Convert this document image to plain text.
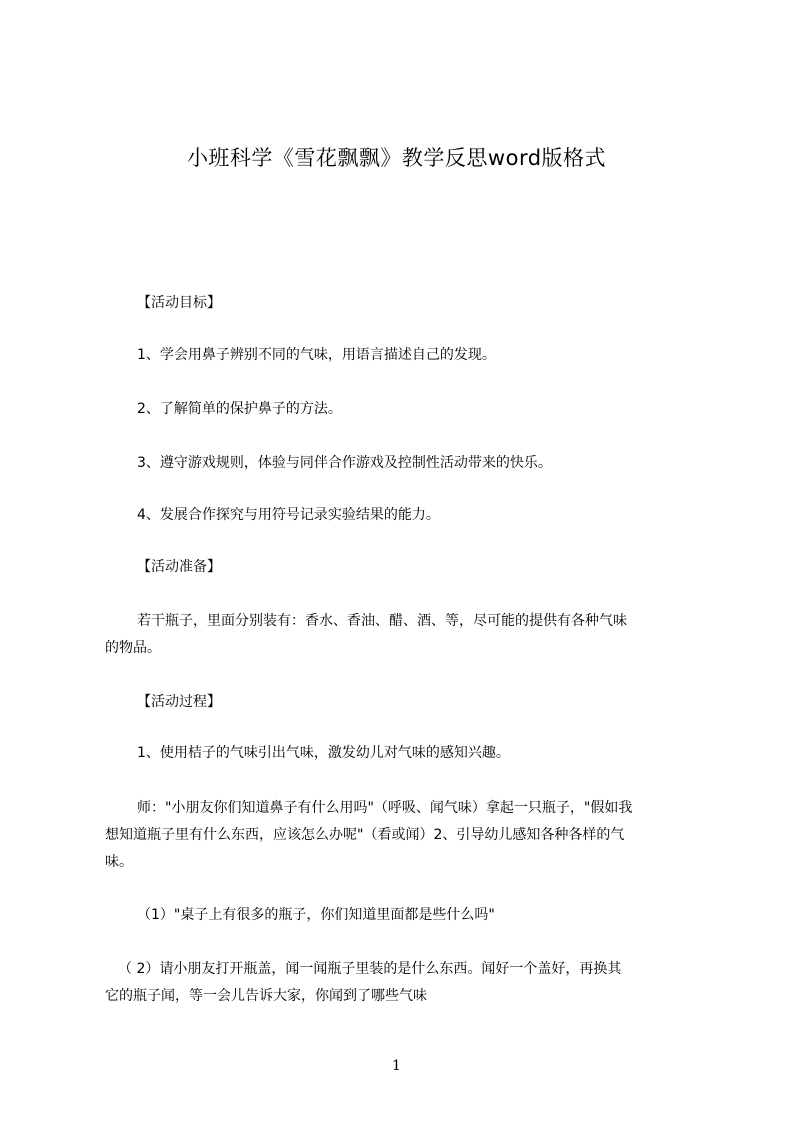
小班科学《雪花飘飘》教学反思word版格式

【活动目标】

1、学会用鼻子辨别不同的气味，用语言描述自己的发现。

2、了解简单的保护鼻子的方法。

3、遵守游戏规则，体验与同伴合作游戏及控制性活动带来的快乐。

4、发展合作探究与用符号记录实验结果的能力。

【活动准备】

若干瓶子，里面分别装有：香水、香油、醋、酒、等，尽可能的提供有各种气味

的物品。

【活动过程】

1、使用桔子的气味引出气味，激发幼儿对气味的感知兴趣。

师："小朋友你们知道鼻子有什么用吗"（呼吸、闻气味）拿起一只瓶子，"假如我

想知道瓶子里有什么东西，应该怎么办呢"（看或闻）2、引导幼儿感知各种各样的气

味。

（1）"桌子上有很多的瓶子，你们知道里面都是些什么吗"

（ 2）请小朋友打开瓶盖，闻一闻瓶子里装的是什么东西。闻好一个盖好，再换其

它的瓶子闻，等一会儿告诉大家，你闻到了哪些气味

1
